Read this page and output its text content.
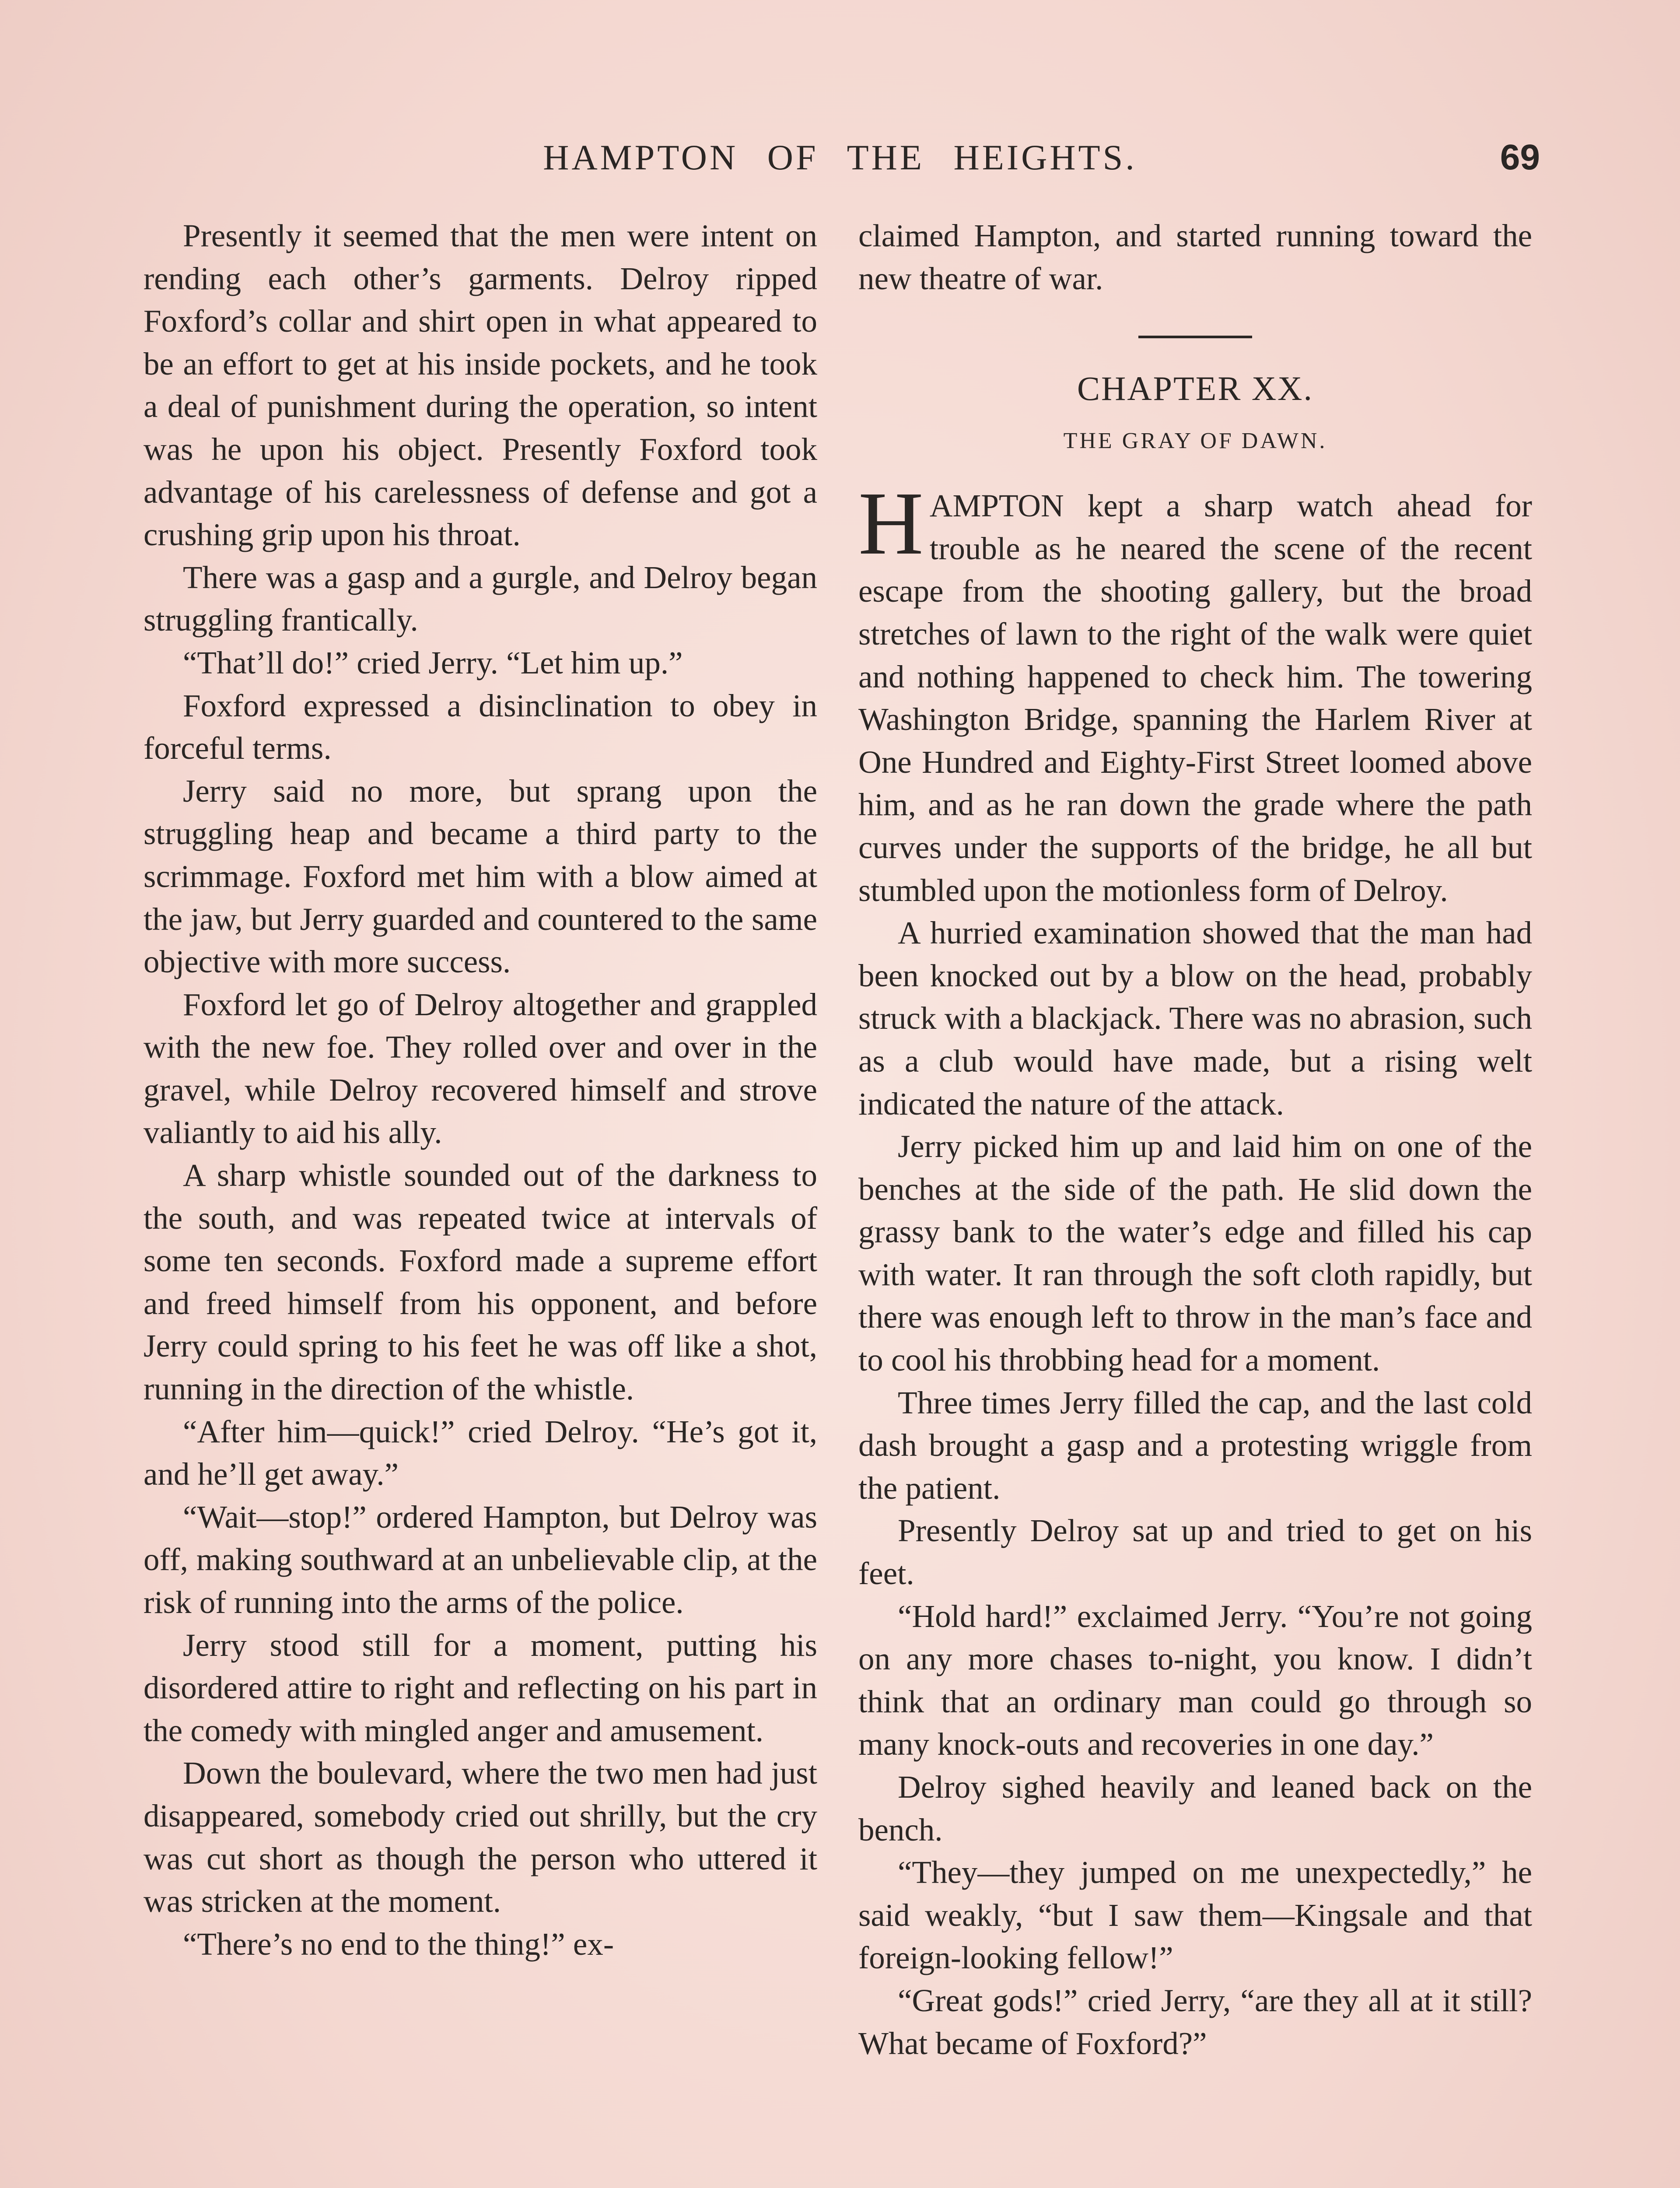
HAMPTON OF THE HEIGHTS.	69

Presently it seemed that the men were intent on rending each other’s garments. Delroy ripped Foxford’s collar and shirt open in what appeared to be an effort to get at his inside pockets, and he took a deal of punishment during the operation, so intent was he upon his object. Presently Foxford took advantage of his carelessness of defense and got a crushing grip upon his throat.

There was a gasp and a gurgle, and Delroy began struggling frantically.

“That’ll do!” cried Jerry. “Let him up.”

Foxford expressed a disinclination to obey in forceful terms.

Jerry said no more, but sprang upon the struggling heap and became a third party to the scrimmage. Foxford met him with a blow aimed at the jaw, but Jerry guarded and countered to the same objective with more success.

Foxford let go of Delroy altogether and grappled with the new foe. They rolled over and over in the gravel, while Delroy recovered himself and strove valiantly to aid his ally.

A sharp whistle sounded out of the darkness to the south, and was repeated twice at intervals of some ten seconds. Foxford made a supreme effort and freed himself from his opponent, and before Jerry could spring to his feet he was off like a shot, running in the direction of the whistle.

“After him—quick!” cried Delroy. “He’s got it, and he’ll get away.”

“Wait—stop!” ordered Hampton, but Delroy was off, making southward at an unbelievable clip, at the risk of running into the arms of the police.

Jerry stood still for a moment, putting his disordered attire to right and reflecting on his part in the comedy with mingled anger and amusement.

Down the boulevard, where the two men had just disappeared, somebody cried out shrilly, but the cry was cut short as though the person who uttered it was stricken at the moment.

“There’s no end to the thing!” ex-

claimed Hampton, and started running toward the new theatre of war.

CHAPTER XX.
THE GRAY OF DAWN.

HAMPTON kept a sharp watch ahead for trouble as he neared the scene of the recent escape from the shooting gallery, but the broad stretches of lawn to the right of the walk were quiet and nothing happened to check him. The towering Washington Bridge, spanning the Harlem River at One Hundred and Eighty-First Street loomed above him, and as he ran down the grade where the path curves under the supports of the bridge, he all but stumbled upon the motionless form of Delroy.

A hurried examination showed that the man had been knocked out by a blow on the head, probably struck with a blackjack. There was no abrasion, such as a club would have made, but a rising welt indicated the nature of the attack.

Jerry picked him up and laid him on one of the benches at the side of the path. He slid down the grassy bank to the water’s edge and filled his cap with water. It ran through the soft cloth rapidly, but there was enough left to throw in the man’s face and to cool his throbbing head for a moment.

Three times Jerry filled the cap, and the last cold dash brought a gasp and a protesting wriggle from the patient.

Presently Delroy sat up and tried to get on his feet.

“Hold hard!” exclaimed Jerry. “You’re not going on any more chases to-night, you know. I didn’t think that an ordinary man could go through so many knock-outs and recoveries in one day.”

Delroy sighed heavily and leaned back on the bench.

“They—they jumped on me unexpectedly,” he said weakly, “but I saw them—Kingsale and that foreign-looking fellow!”

“Great gods!” cried Jerry, “are they all at it still? What became of Foxford?”
